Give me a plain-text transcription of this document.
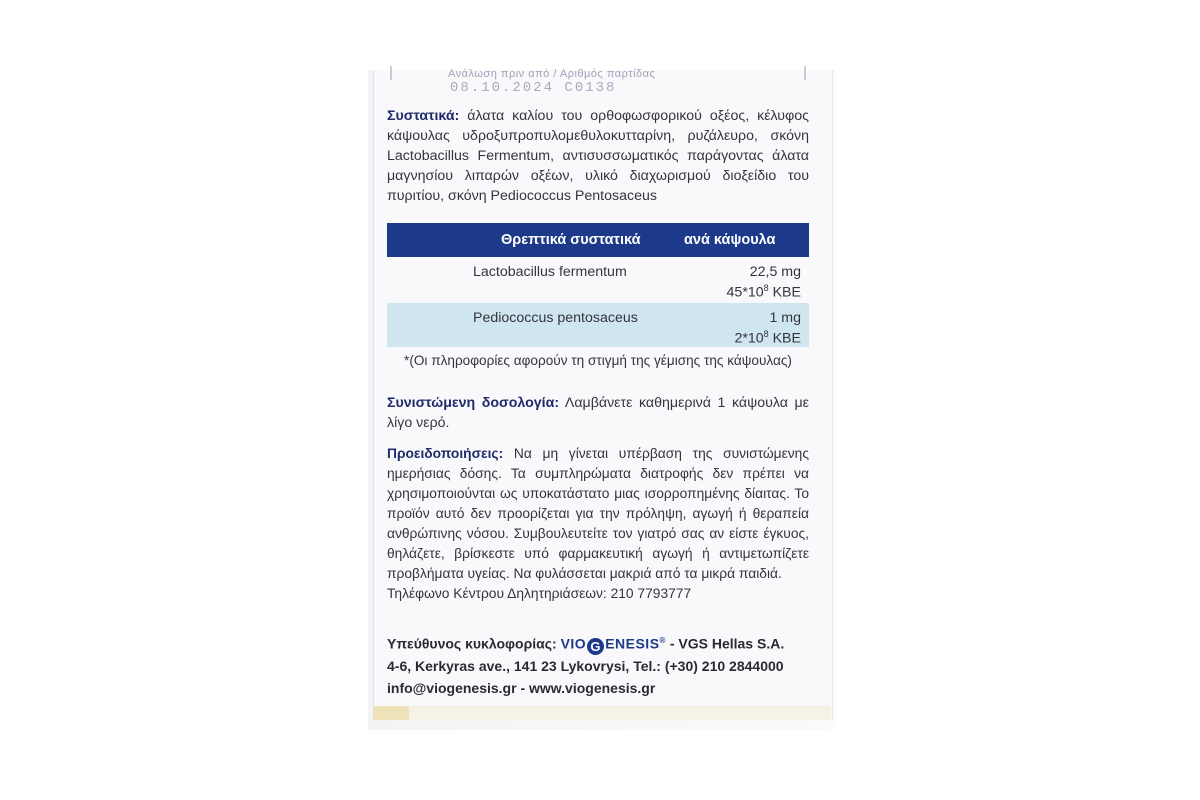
Ανάλωση πριν από / Αριθμός παρτίδας
08.10.2024 C0138
Συστατικά: άλατα καλίου του ορθοφωσφορικού οξέος, κέλυφος κάψουλας υδροξυπροπυλομεθυλοκυτταρίνη, ρυζάλευρο, σκόνη Lactobacillus Fermentum, αντισυσσωματικός παράγοντας άλατα μαγνησίου λιπαρών οξέων, υλικό διαχωρισμού διοξείδιο του πυριτίου, σκόνη Pediococcus Pentosaceus
Θρεπτικά συστατικά	ανά κάψουλα
Lactobacillus fermentum	22,5 mg
$45*10^8$ KBE
Pediococcus pentosaceus	1 mg
$2*10^8$ KBE
*(Οι πληροφορίες αφορούν τη στιγμή της γέμισης της κάψουλας)
Συνιστώμενη δοσολογία: Λαμβάνετε καθημερινά 1 κάψουλα με λίγο νερό.
Προειδοποιήσεις: Να μη γίνεται υπέρβαση της συνιστώμενης ημερήσιας δόσης. Τα συμπληρώματα διατροφής δεν πρέπει να χρησιμοποιούνται ως υποκατάστατο μιας ισορροπημένης δίαιτας. Το προϊόν αυτό δεν προορίζεται για την πρόληψη, αγωγή ή θεραπεία ανθρώπινης νόσου. Συμβουλευτείτε τον γιατρό σας αν είστε έγκυος, θηλάζετε, βρίσκεστε υπό φαρμακευτική αγωγή ή αντιμετωπίζετε προβλήματα υγείας. Να φυλάσσεται μακριά από τα μικρά παιδιά.
Τηλέφωνο Κέντρου Δηλητηριάσεων: 210 7793777
Υπεύθυνος κυκλοφορίας: VIO G ENESIS® - VGS Hellas S.A.
4-6, Kerkyras ave., 141 23 Lykovrysi, Tel.: (+30) 210 2844000
info@viogenesis.gr - www.viogenesis.gr
